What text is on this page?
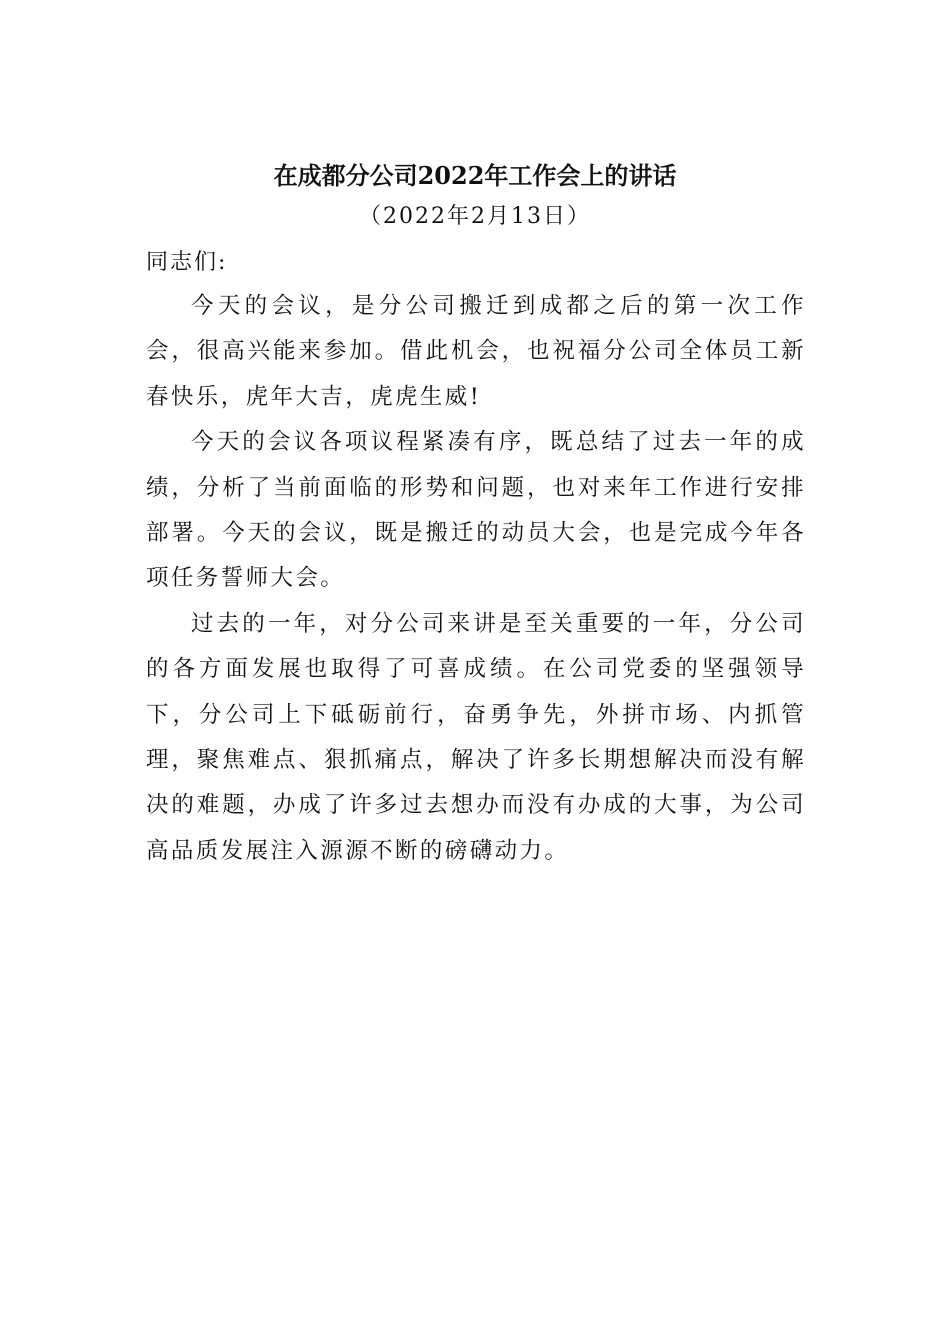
在成都分公司2022年工作会上的讲话
（2022年2月13日）
同志们:

今天的会议，是分公司搬迁到成都之后的第一次工作会，很高兴能来参加。借此机会，也祝福分公司全体员工新春快乐，虎年大吉，虎虎生威!

今天的会议各项议程紧凑有序，既总结了过去一年的成绩，分析了当前面临的形势和问题，也对来年工作进行安排部署。今天的会议，既是搬迁的动员大会，也是完成今年各项任务誓师大会。

过去的一年，对分公司来讲是至关重要的一年，分公司的各方面发展也取得了可喜成绩。在公司党委的坚强领导下，分公司上下砥砺前行，奋勇争先，外拼市场、内抓管理，聚焦难点、狠抓痛点，解决了许多长期想解决而没有解决的难题，办成了许多过去想办而没有办成的大事，为公司高品质发展注入源源不断的磅礴动力。
